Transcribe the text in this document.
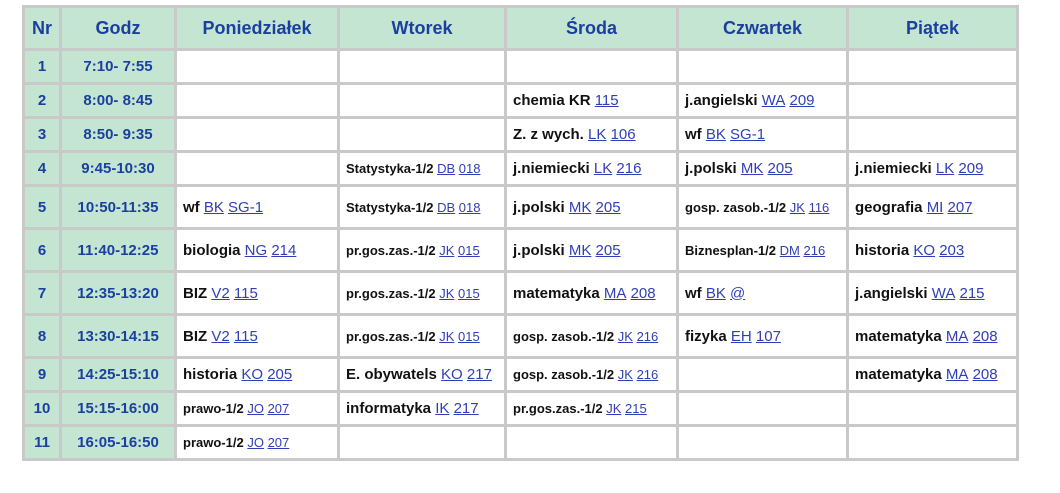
Nr	Godz	Poniedziałek	Wtorek	Środa	Czwartek	Piątek
1	7:10- 7:55					
2	8:00- 8:45			chemia KR 115	j.angielski WA 209	
3	8:50- 9:35			Z. z wych. LK 106	wf BK SG-1	
4	9:45-10:30		Statystyka-1/2 DB 018	j.niemiecki LK 216	j.polski MK 205	j.niemiecki LK 209
5	10:50-11:35	wf BK SG-1	Statystyka-1/2 DB 018	j.polski MK 205	gosp. zasob.-1/2 JK 116	geografia MI 207
6	11:40-12:25	biologia NG 214	pr.gos.zas.-1/2 JK 015	j.polski MK 205	Biznesplan-1/2 DM 216	historia KO 203
7	12:35-13:20	BIZ V2 115	pr.gos.zas.-1/2 JK 015	matematyka MA 208	wf BK @	j.angielski WA 215
8	13:30-14:15	BIZ V2 115	pr.gos.zas.-1/2 JK 015	gosp. zasob.-1/2 JK 216	fizyka EH 107	matematyka MA 208
9	14:25-15:10	historia KO 205	E. obywatels KO 217	gosp. zasob.-1/2 JK 216		matematyka MA 208
10	15:15-16:00	prawo-1/2 JO 207	informatyka IK 217	pr.gos.zas.-1/2 JK 215		
11	16:05-16:50	prawo-1/2 JO 207				
